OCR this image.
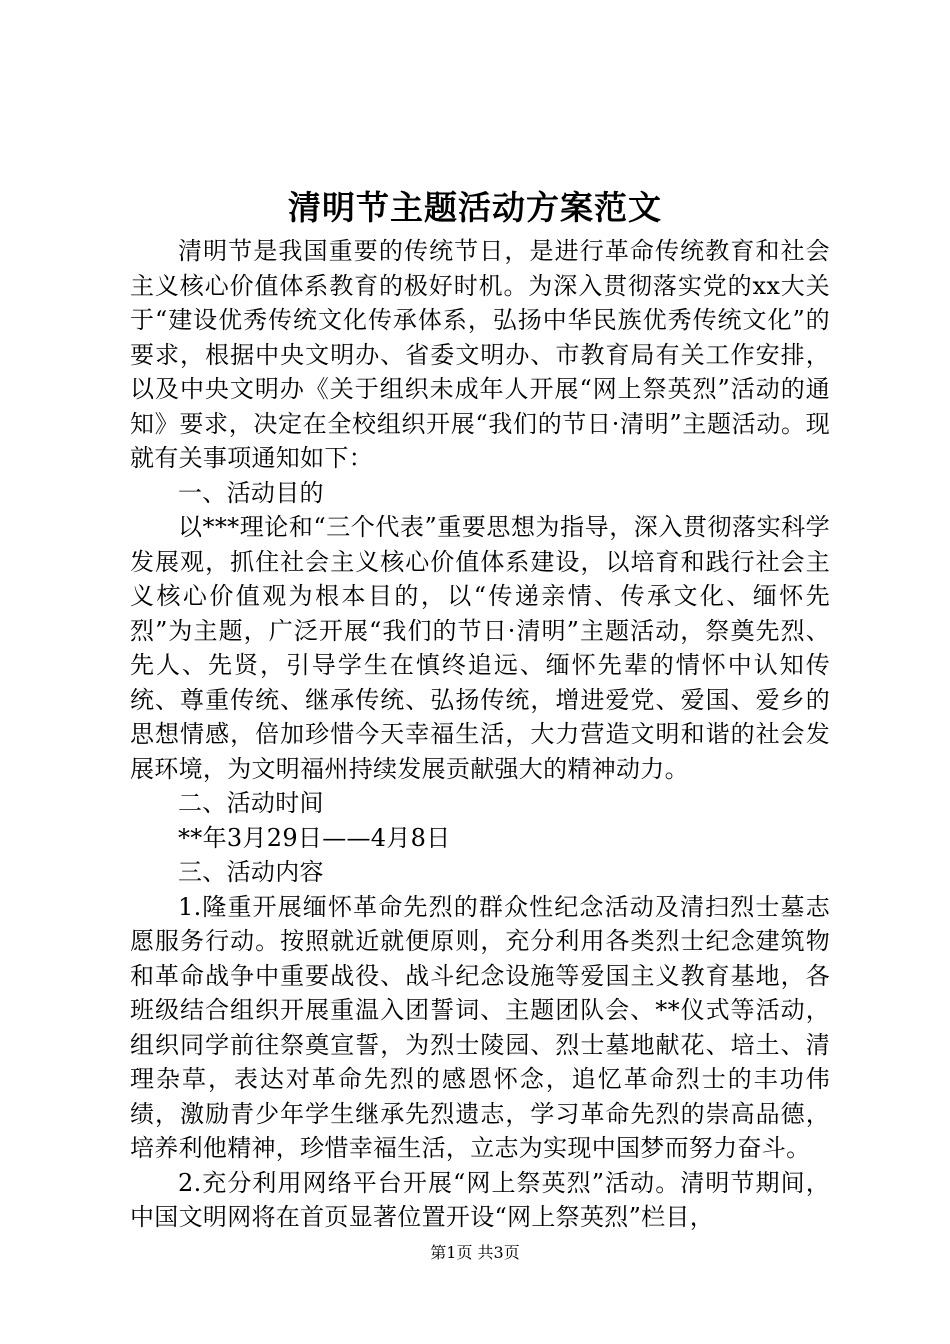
清明节主题活动方案范文

清明节是我国重要的传统节日，是进行革命传统教育和社会主义核心价值体系教育的极好时机。为深入贯彻落实党的xx大关于“建设优秀传统文化传承体系，弘扬中华民族优秀传统文化”的要求，根据中央文明办、省委文明办、市教育局有关工作安排，以及中央文明办《关于组织未成年人开展“网上祭英烈”活动的通知》要求，决定在全校组织开展“我们的节日·清明”主题活动。现就有关事项通知如下：

一、活动目的

以***理论和“三个代表”重要思想为指导，深入贯彻落实科学发展观，抓住社会主义核心价值体系建设，以培育和践行社会主义核心价值观为根本目的，以“传递亲情、传承文化、缅怀先烈”为主题，广泛开展“我们的节日·清明”主题活动，祭奠先烈、先人、先贤，引导学生在慎终追远、缅怀先辈的情怀中认知传统、尊重传统、继承传统、弘扬传统，增进爱党、爱国、爱乡的思想情感，倍加珍惜今天幸福生活，大力营造文明和谐的社会发展环境，为文明福州持续发展贡献强大的精神动力。

二、活动时间

**年3月29日——4月8日

三、活动内容

1.隆重开展缅怀革命先烈的群众性纪念活动及清扫烈士墓志愿服务行动。按照就近就便原则，充分利用各类烈士纪念建筑物和革命战争中重要战役、战斗纪念设施等爱国主义教育基地，各班级结合组织开展重温入团誓词、主题团队会、**仪式等活动，组织同学前往祭奠宣誓，为烈士陵园、烈士墓地献花、培土、清理杂草，表达对革命先烈的感恩怀念，追忆革命烈士的丰功伟绩，激励青少年学生继承先烈遗志，学习革命先烈的崇高品德，培养利他精神，珍惜幸福生活，立志为实现中国梦而努力奋斗。

2.充分利用网络平台开展“网上祭英烈”活动。清明节期间，中国文明网将在首页显著位置开设“网上祭英烈”栏目，

第1页 共3页
